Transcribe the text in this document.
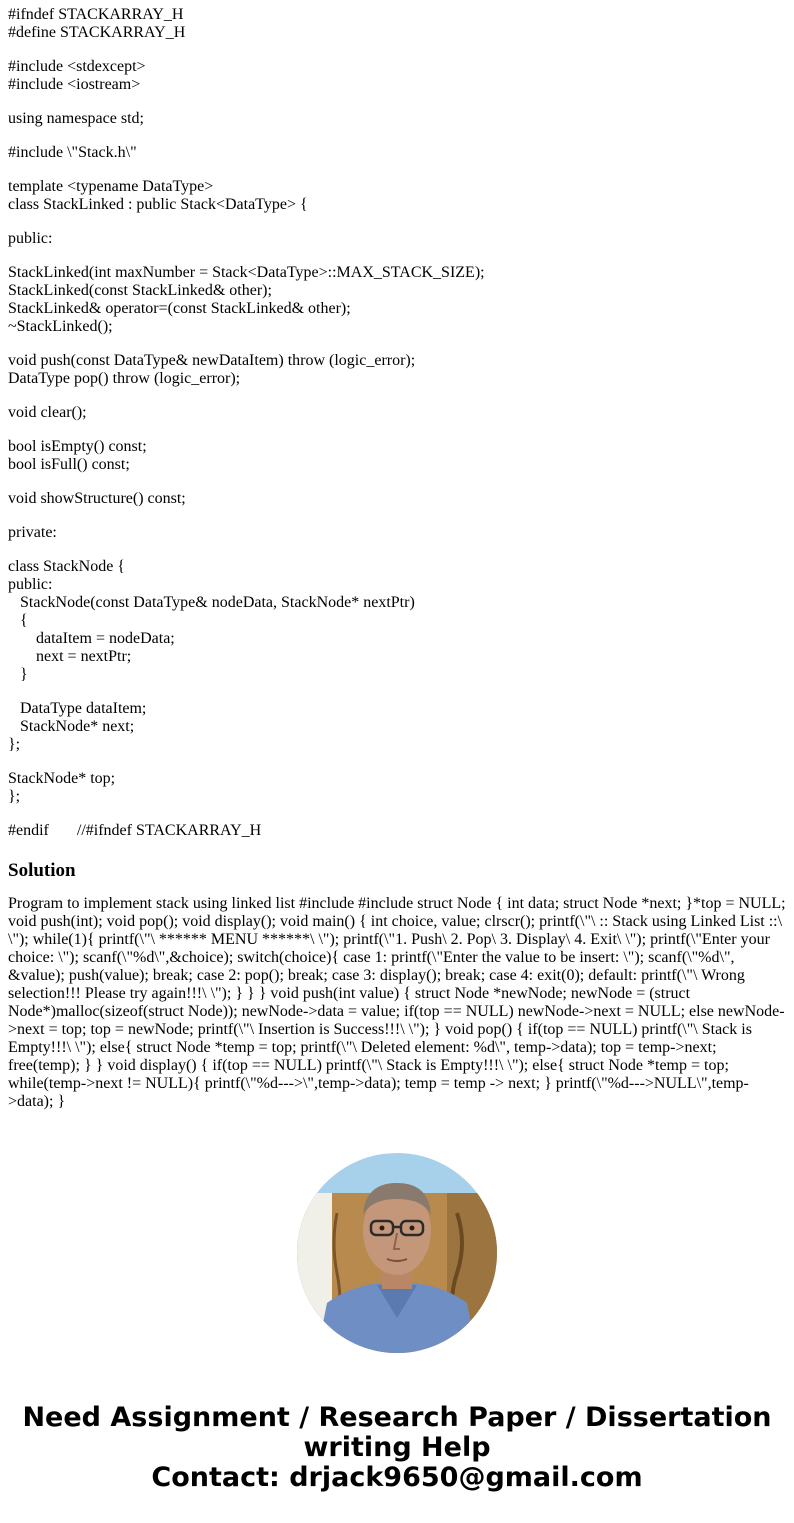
#ifndef STACKARRAY_H
#define STACKARRAY_H
#include <stdexcept>
#include <iostream>
using namespace std;
#include \"Stack.h\"
template <typename DataType>
class StackLinked : public Stack<DataType> {
public:
StackLinked(int maxNumber = Stack<DataType>::MAX_STACK_SIZE);
StackLinked(const StackLinked& other);
StackLinked& operator=(const StackLinked& other);
~StackLinked();
void push(const DataType& newDataItem) throw (logic_error);
DataType pop() throw (logic_error);
void clear();
bool isEmpty() const;
bool isFull() const;
void showStructure() const;
private:
class StackNode {
public:
StackNode(const DataType& nodeData, StackNode* nextPtr)
{
dataItem = nodeData;
next = nextPtr;
}
DataType dataItem;
StackNode* next;
};
StackNode* top;
};
#endif       //#ifndef STACKARRAY_H
Solution

Program to implement stack using linked list #include #include struct Node { int data; struct Node *next; }*top = NULL; void push(int); void pop(); void display(); void main() { int choice, value; clrscr(); printf(\"\ :: Stack using Linked List ::\ \"); while(1){ printf(\"\ ****** MENU ******\ \"); printf(\"1. Push\ 2. Pop\ 3. Display\ 4. Exit\ \"); printf(\"Enter your choice: \"); scanf(\"%d\",&choice); switch(choice){ case 1: printf(\"Enter the value to be insert: \"); scanf(\"%d\", &value); push(value); break; case 2: pop(); break; case 3: display(); break; case 4: exit(0); default: printf(\"\ Wrong selection!!! Please try again!!!\ \"); } } } void push(int value) { struct Node *newNode; newNode = (struct Node*)malloc(sizeof(struct Node)); newNode->data = value; if(top == NULL) newNode->next = NULL; else newNode->next = top; top = newNode; printf(\"\ Insertion is Success!!!\ \"); } void pop() { if(top == NULL) printf(\"\ Stack is Empty!!!\ \"); else{ struct Node *temp = top; printf(\"\ Deleted element: %d\", temp->data); top = temp->next; free(temp); } } void display() { if(top == NULL) printf(\"\ Stack is Empty!!!\ \"); else{ struct Node *temp = top; while(temp->next != NULL){ printf(\"%d--->\",temp->data); temp = temp -> next; } printf(\"%d--->NULL\",temp->data); }

Need Assignment / Research Paper / Dissertation
writing Help
Contact: drjack9650@gmail.com
